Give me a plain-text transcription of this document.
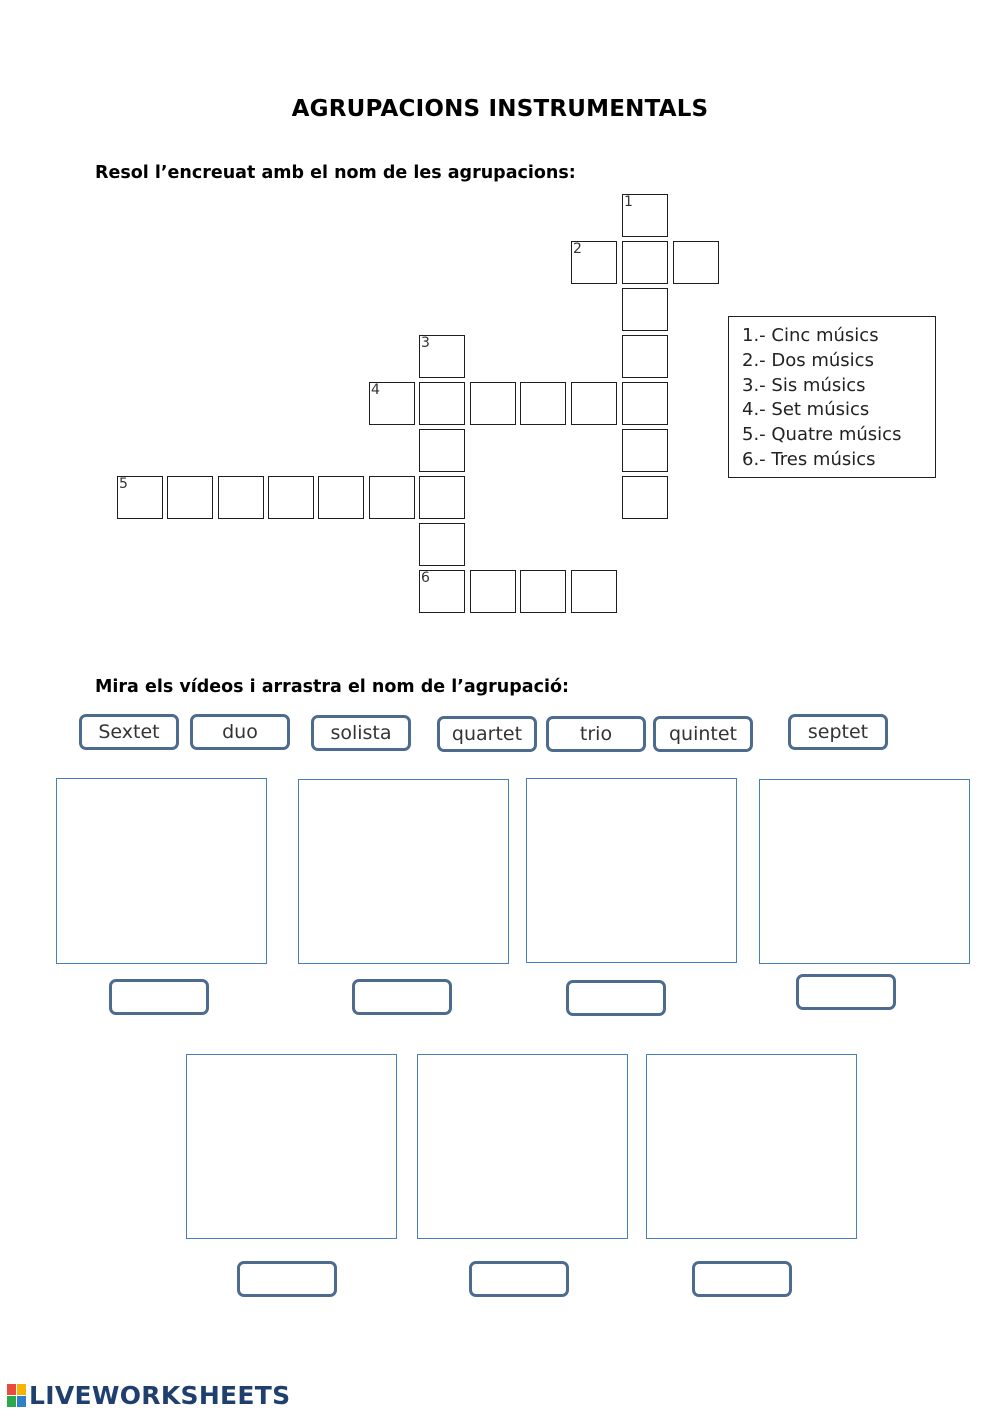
AGRUPACIONS INSTRUMENTALS
Resol l’encreuat amb el nom de les agrupacions:
1
2
3
6
4
5
1.- Cinc músics
2.- Dos músics
3.- Sis músics
4.- Set músics
5.- Quatre músics
6.- Tres músics
Mira els vídeos i arrastra el nom de l’agrupació:
Sextet	duo	solista	quartet	trio	quintet	septet
LIVEWORKSHEETS
